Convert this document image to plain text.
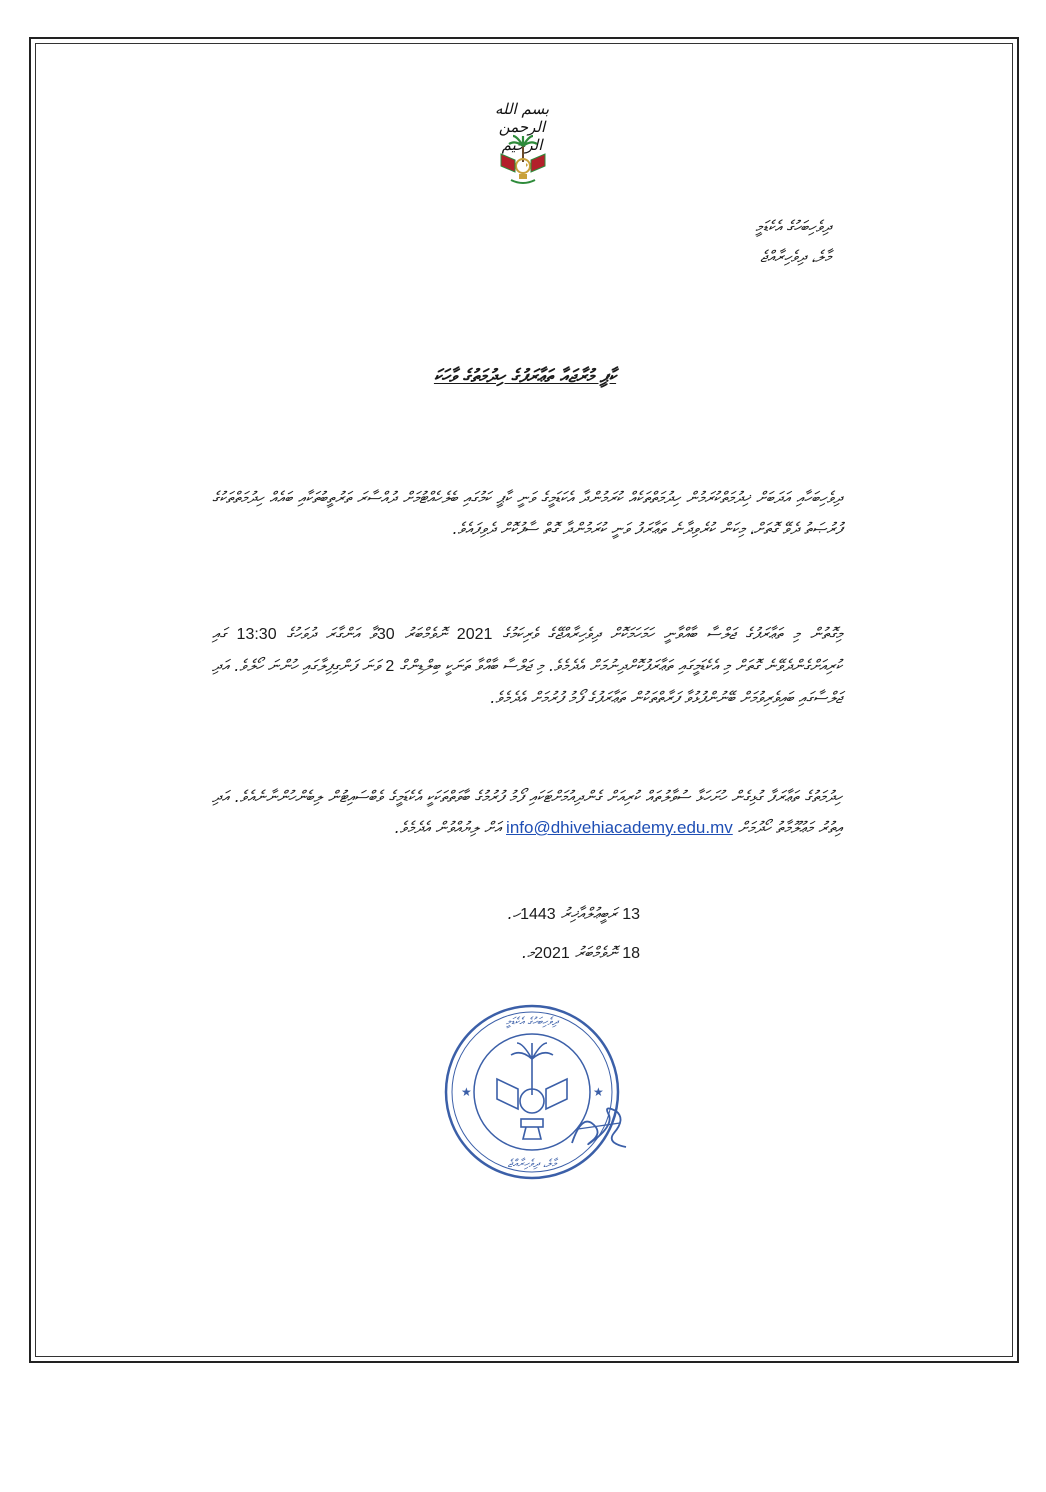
بسم الله الرحمن الرحيم
ދިވެހިބަހުގެ އެކެޑަމީ
މާލެ، ދިވެހިރާއްޖެ
ކާޕީ މުރާޖައާ ތަޢާރަފުގެ ހިދުމަތުގެ ވާހަކަ
ދިވެހިބަހާއި އަދަބަށް ޚިދުމަތްކުރަމުން ހިދުމަތްތަކެއް ކުރަމުންދާ އެކަޑަމީގެ ވަނީ ކާޕީ ކަމުގައި ބެލެހެއްޓުމަށް ދުއްސާރަ ތަރުތީބުތަކާއި ބައެއް ހިދުމަތްތަކުގެ ފުރުޞަތު ދެވޭ ގޮތަށް، މިކަން ކުރެވިދާނެ ތަޢާރަފު ވަނީ ކުރަމުންދާ ގޮތް ސާފުކޮށް ދެވިފައެވެ.
މިގޮތުން މި ތަޢާރަފުގެ ޖަލްސާ ބާއްވާނީ ހަމަހަމަކޮށް ދިވެހިރާއްޖޭގެ ވެރިކަމުގެ 2021 ނޮވެމްބަރު 30ވާ އަންގާރަ ދުވަހުގެ 13:30 ގައި ކުރިއަށްގެންދެވޭނެ ގޮތަށް މި އެކެޑަމީގައި ތަޢާރަފުކޮށްދިނުމަށް އެދެމެވެ. މި ޖަލްސާ ބާއްވާ ތަނަކީ ބިލްޑިންގް 2 ވަނަ ފަންގިފިލާގައި ހުންނަ ހޯލެވެ. އަދި ޖަލްސާގައި ބައިވެރިވުމަށް ބޭނުންފުޅުވާ ފަރާތްތަކުން ތަޢާރަފުގެ ފޯމު ފުރުމަށް އެދެމެވެ.
ހިދުމަތުގެ ތަޢާރަފާ ގުޅިގެން ހުށަހަޅާ ސުވާލުތައް ކުރިއަށް ގެންދިއުމަށްޓަކައި ފޯމު ފުރުމުގެ ބާވަތްތަކަކީ އެކެޑަމީގެ ވެބްސައިޓުން ލިބެންހުންނާނެއެވެ. އަދި އިތުރު މަޢުލޫމާތު ހޯދުމަށް info@dhivehiacademy.edu.mv އަށް ލިޔުއްވުން އެދެމެވެ.
13 ރަބީޢުލްއާޚިރު 1443ހ.
18 ނޮވެމްބަރު 2021މ.
ދިވެހިބަހުގެ އެކެޑަމީ
މާލެ، ދިވެހިރާއްޖެ
★	★
